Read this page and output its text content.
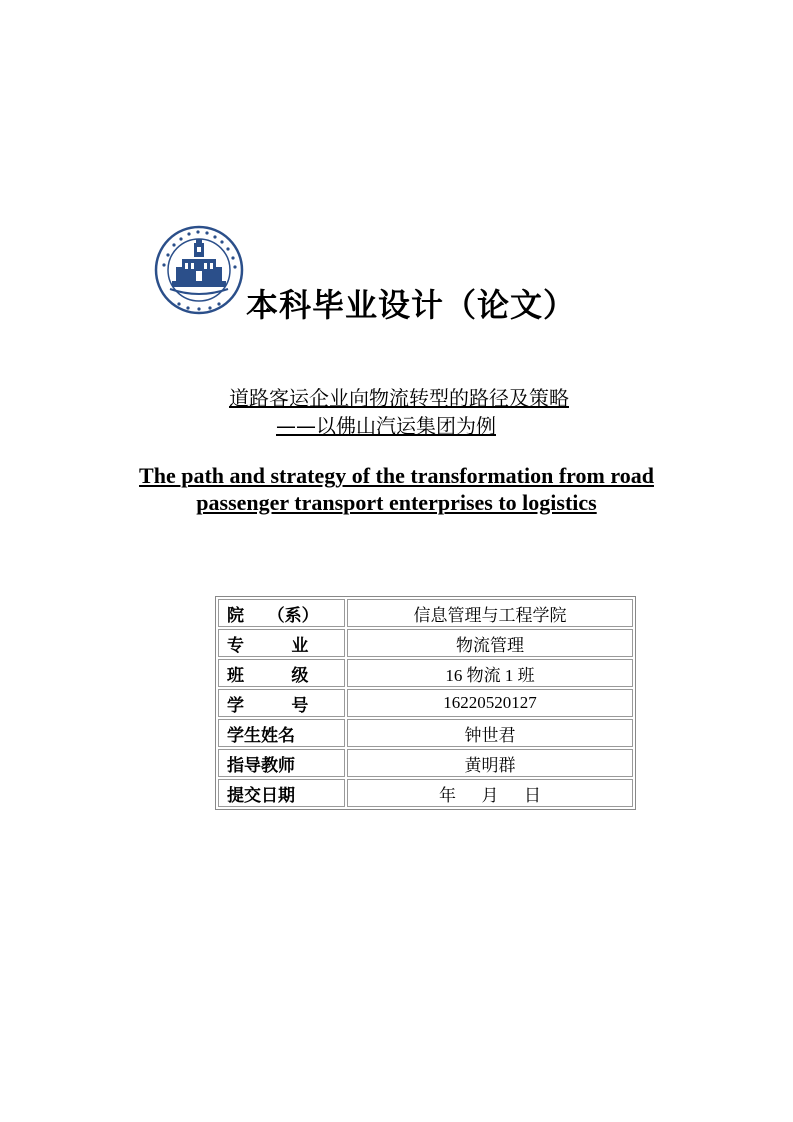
本科毕业设计（论文）
道路客运企业向物流转型的路径及策略
——以佛山汽运集团为例
The path and strategy of the transformation from road
passenger transport enterprises to logistics
院    （系）	信息管理与工程学院
专        业	物流管理
班        级	16 物流 1 班
学        号	16220520127
学生姓名	钟世君
指导教师	黄明群
提交日期	年      月      日
